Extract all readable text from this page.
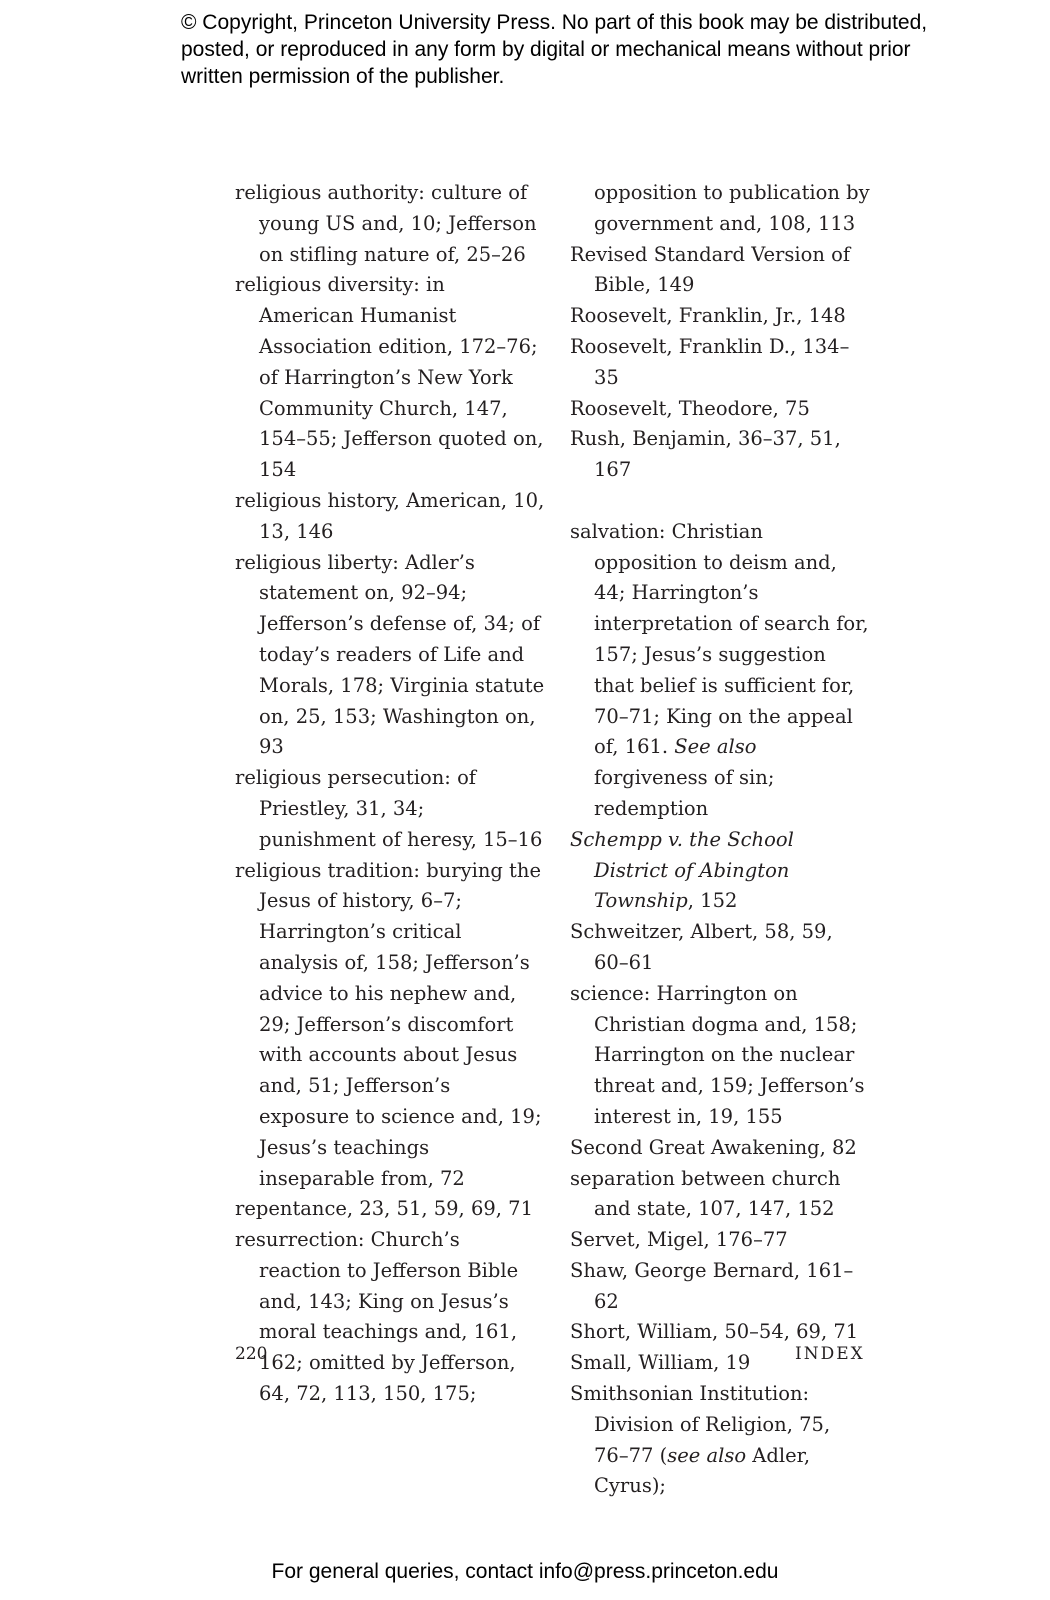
© Copyright, Princeton University Press. No part of this book may be distributed, posted, or reproduced in any form by digital or mechanical means without prior written permission of the publisher.
religious authority: culture of young US and, 10; Jefferson on stifling nature of, 25–26
religious diversity: in American Humanist Association edition, 172–76; of Harrington’s New York Community Church, 147, 154–55; Jefferson quoted on, 154
religious history, American, 10, 13, 146
religious liberty: Adler’s statement on, 92–94; Jefferson’s defense of, 34; of today’s readers of Life and Morals, 178; Virginia statute on, 25, 153; Washington on, 93
religious persecution: of Priestley, 31, 34; punishment of heresy, 15–16
religious tradition: burying the Jesus of history, 6–7; Harrington’s critical analysis of, 158; Jefferson’s advice to his nephew and, 29; Jefferson’s discomfort with accounts about Jesus and, 51; Jefferson’s exposure to science and, 19; Jesus’s teachings inseparable from, 72
repentance, 23, 51, 59, 69, 71
resurrection: Church’s reaction to Jefferson Bible and, 143; King on Jesus’s moral teachings and, 161, 162; omitted by Jefferson, 64, 72, 113, 150, 175;
opposition to publication by government and, 108, 113
Revised Standard Version of Bible, 149
Roosevelt, Franklin, Jr., 148
Roosevelt, Franklin D., 134–35
Roosevelt, Theodore, 75
Rush, Benjamin, 36–37, 51, 167
salvation: Christian opposition to deism and, 44; Harrington’s interpretation of search for, 157; Jesus’s suggestion that belief is sufficient for, 70–71; King on the appeal of, 161. See also forgiveness of sin; redemption
Schempp v. the School District of Abington Township, 152
Schweitzer, Albert, 58, 59, 60–61
science: Harrington on Christian dogma and, 158; Harrington on the nuclear threat and, 159; Jefferson’s interest in, 19, 155
Second Great Awakening, 82
separation between church and state, 107, 147, 152
Servet, Migel, 176–77
Shaw, George Bernard, 161–62
Short, William, 50–54, 69, 71
Small, William, 19
Smithsonian Institution: Division of Religion, 75, 76–77 (see also Adler, Cyrus);
220	INDEX
For general queries, contact info@press.princeton.edu
